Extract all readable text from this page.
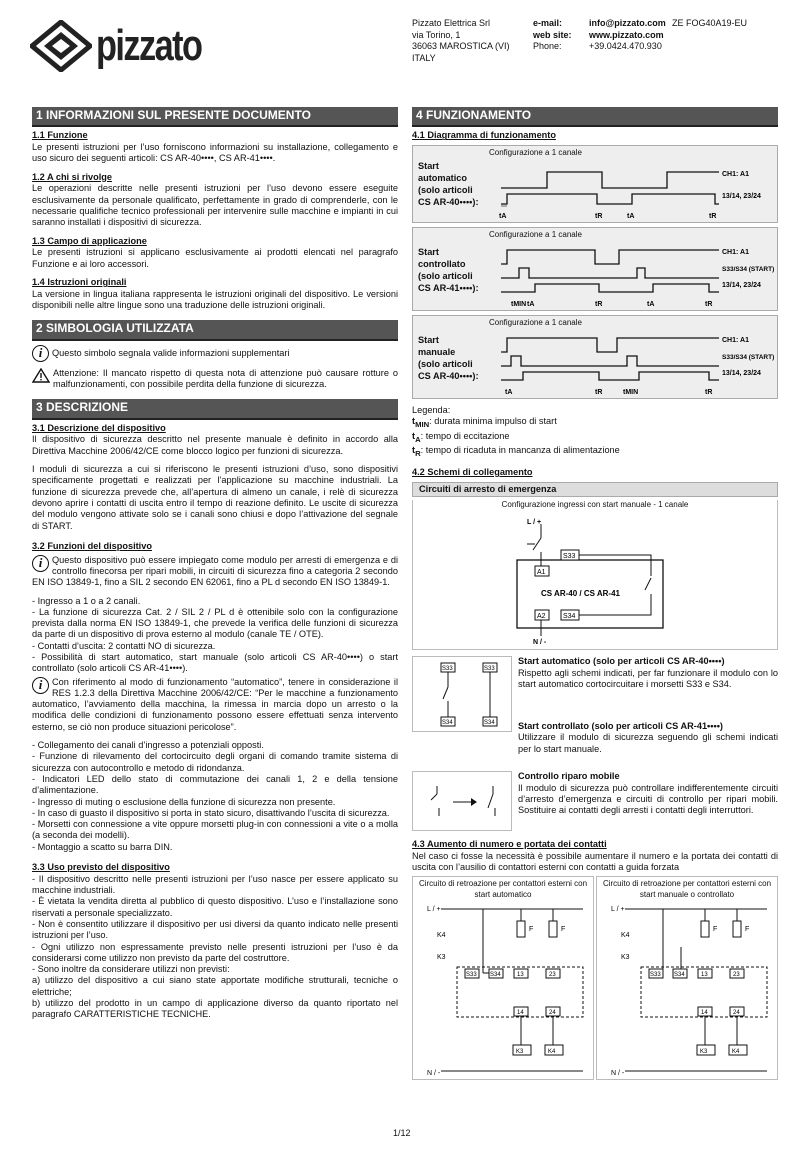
pizzato	Pizzato Elettrica Srl
via Torino, 1
36063 MAROSTICA (VI)
ITALY
e-mail:	info@pizzato.com
web site: www.pizzato.com
Phone:	+39.0424.470.930
ZE FOG40A19-EU
1 INFORMAZIONI SUL PRESENTE DOCUMENTO
1.1 Funzione

Le presenti istruzioni per l’uso forniscono informazioni su installazione, collegamento e uso sicuro dei seguenti articoli: CS AR-40••••, CS AR-41••••.

1.2 A chi si rivolge

Le operazioni descritte nelle presenti istruzioni per l’uso devono essere eseguite esclusivamente da personale qualificato, perfettamente in grado di comprenderle, con le necessarie qualifiche tecnico professionali per intervenire sulle macchine e impianti in cui saranno installati i dispositivi di sicurezza.

1.3 Campo di applicazione

Le presenti istruzioni si applicano esclusivamente ai prodotti elencati nel paragrafo Funzione e ai loro accessori.

1.4 Istruzioni originali

La versione in lingua italiana rappresenta le istruzioni originali del dispositivo. Le versioni disponibili nelle altre lingue sono una traduzione delle istruzioni originali.

2 SIMBOLOGIA UTILIZZATA

i	Questo simbolo segnala valide informazioni supplementari

Attenzione: Il mancato rispetto di questa nota di attenzione può causare rotture o malfunzionamenti, con possibile perdita della funzione di sicurezza.

3 DESCRIZIONE
3.1 Descrizione del dispositivo

Il dispositivo di sicurezza descritto nel presente manuale è definito in accordo alla Direttiva Macchine 2006/42/CE come blocco logico per funzioni di sicurezza.

I moduli di sicurezza a cui si riferiscono le presenti istruzioni d’uso, sono dispositivi specificamente progettati e realizzati per l’applicazione su macchine industriali. La funzione di sicurezza prevede che, all’apertura di almeno un canale, i relè di sicurezza devono aprire i contatti di uscita entro il tempo di reazione definito. Le uscite di sicurezza del modulo vengono attivate solo se i canali sono chiusi e dopo l’attivazione del segnale di START.

3.2 Funzioni del dispositivo

i	Questo dispositivo può essere impiegato come modulo per arresti di emergenza e di controllo finecorsa per ripari mobili, in circuiti di sicurezza fino a categoria 2 secondo EN ISO 13849-1, fino a SIL 2 secondo EN 62061, fino a PL d secondo EN ISO 13849-1.

- Ingresso a 1 o a 2 canali.

- La funzione di sicurezza Cat. 2 / SIL 2 / PL d è ottenibile solo con la configurazione prevista dalla norma EN ISO 13849-1, che prevede la verifica delle funzioni di sicurezza da parte di un dispositivo di prova esterno al modulo (canale TE / OTE).

- Contatti d’uscita: 2 contatti NO di sicurezza.

- Possibilità di start automatico, start manuale (solo articoli CS AR-40••••) o start controllato (solo articoli CS AR-41••••).

i	Con riferimento al modo di funzionamento “automatico”, tenere in considerazione il RES 1.2.3 della Direttiva Macchine 2006/42/CE: “Per le macchine a funzionamento automatico, l’avviamento della macchina, la rimessa in marcia dopo un arresto o la modifica delle condizioni di funzionamento possono essere effettuati senza intervento esterno, se ciò non produce situazioni pericolose”.

- Collegamento dei canali d’ingresso a potenziali opposti.

- Funzione di rilevamento del cortocircuito degli organi di comando tramite sistema di sicurezza con autocontrollo e metodo di ridondanza.

- Indicatori LED dello stato di commutazione dei canali 1, 2 e della tensione d’alimentazione.

- Ingresso di muting o esclusione della funzione di sicurezza non presente.

- In caso di guasto il dispositivo si porta in stato sicuro, disattivando l’uscita di sicurezza.

- Morsetti con connessione a vite oppure morsetti plug-in con connessioni a vite o a molla (a seconda dei modelli).

- Montaggio a scatto su barra DIN.

3.3 Uso previsto del dispositivo

- Il dispositivo descritto nelle presenti istruzioni per l’uso nasce per essere applicato su macchine industriali.

- È vietata la vendita diretta al pubblico di questo dispositivo. L’uso e l’installazione sono riservati a personale specializzato.

- Non è consentito utilizzare il dispositivo per usi diversi da quanto indicato nelle presenti istruzioni per l’uso.

- Ogni utilizzo non espressamente previsto nelle presenti istruzioni per l’uso è da considerarsi come utilizzo non previsto da parte del costruttore.

- Sono inoltre da considerare utilizzi non previsti:

a) utilizzo del dispositivo a cui siano state apportate modifiche strutturali, tecniche o elettriche;

b) utilizzo del prodotto in un campo di applicazione diverso da quanto riportato nel paragrafo CARATTERISTICHE TECNICHE.

4 FUNZIONAMENTO
4.1 Diagramma di funzionamento
Start
automatico
(solo articoli
CS AR-40••••):
Configurazione a 1 canale
CH1: A1
13/14, 23/24
tA	tR	tA	tR
Start
controllato
(solo articoli
CS AR-41••••):
Configurazione a 1 canale
CH1: A1
S33/S34 (START)
13/14, 23/24
tMIN tA	tR	tA	tR
Start
manuale
(solo articoli
CS AR-40••••):
Configurazione a 1 canale
CH1: A1
S33/S34 (START)
13/14, 23/24
tA	tR	tMIN	tR
Legenda:
$t_{MIN}$: durata minima impulso di start
$t_A$: tempo di eccitazione
$t_R$: tempo di ricaduta in mancanza di alimentazione
4.2 Schemi di collegamento
Circuiti di arresto di emergenza
Configurazione ingressi con start manuale - 1 canale
L / +
A1
S33
A2 S34
CS AR-40 / CS AR-41
N / -
S33
S34
S33
S34
Start automatico (solo per articoli CS AR-40••••)

Rispetto agli schemi indicati, per far funzionare il modulo con lo start automatico cortocircuitare i morsetti S33 e S34.

Start controllato (solo per articoli CS AR-41••••)

Utilizzare il modulo di sicurezza seguendo gli schemi indicati per lo start manuale.

Controllo riparo mobile

Il modulo di sicurezza può controllare indifferentemente circuiti d’arresto d’emergenza e circuiti di controllo per ripari mobili. Sostituire ai contatti degli arresti i contatti degli interruttori.

4.3 Aumento di numero e portata dei contatti

Nel caso ci fosse la necessità è possibile aumentare il numero e la portata dei contatti di uscita con l’ausilio di contattori esterni con contatti a guida forzata

Circuito di retroazione per contattori esterni con start automatico
L / +
K4
K3
F	F
S33 S34	13	23
14	24
K3	K4
N / -
Circuito di retroazione per contattori esterni con start manuale o controllato
L / +
K4
K3
F	F
S33 S34	13	23
14	24
K3	K4
N / -
1/12
